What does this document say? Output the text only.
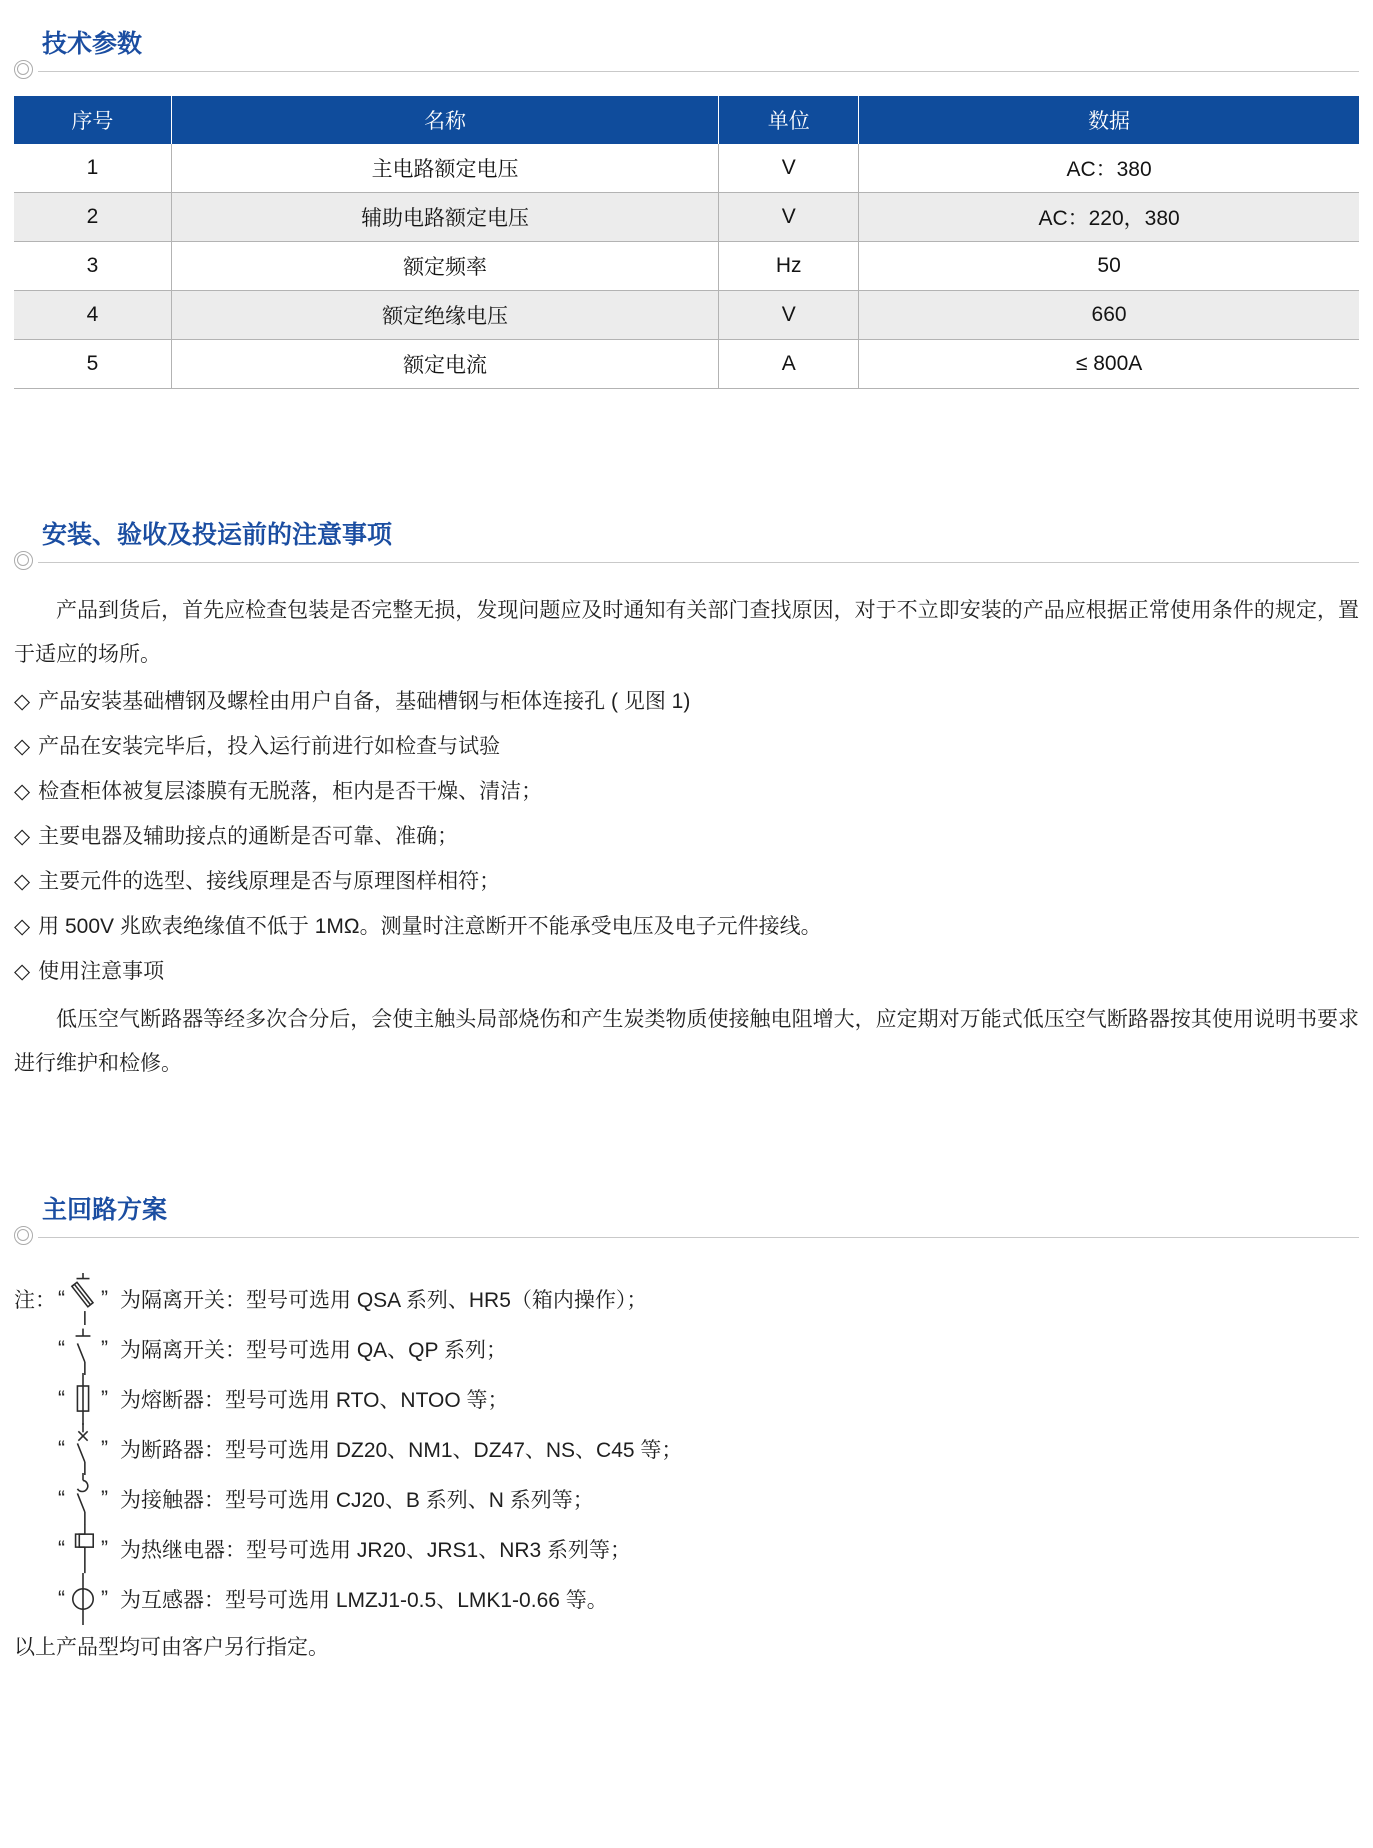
技术参数
序号	名称	单位	数据
1	主电路额定电压	V	AC：380
2	辅助电路额定电压	V	AC：220，380
3	额定频率	Hz	50
4	额定绝缘电压	V	660
5	额定电流	A	≤ 800A
安装、验收及投运前的注意事项

产品到货后，首先应检查包装是否完整无损，发现问题应及时通知有关部门查找原因，对于不立即安装的产品应根据正常使用条件的规定，置于适应的场所。

◇ 产品安装基础槽钢及螺栓由用户自备，基础槽钢与柜体连接孔 ( 见图 1)
◇ 产品在安装完毕后，投入运行前进行如检查与试验
◇ 检查柜体被复层漆膜有无脱落，柜内是否干燥、清洁；
◇ 主要电器及辅助接点的通断是否可靠、准确；
◇ 主要元件的选型、接线原理是否与原理图样相符；
◇ 用 500V 兆欧表绝缘值不低于 1MΩ。测量时注意断开不能承受电压及电子元件接线。
◇ 使用注意事项

低压空气断路器等经多次合分后，会使主触头局部烧伤和产生炭类物质使接触电阻增大，应定期对万能式低压空气断路器按其使用说明书要求进行维护和检修。

主回路方案
注： “ ” 为隔离开关：型号可选用 QSA 系列、HR5（箱内操作）；
“ ” 为隔离开关：型号可选用 QA、QP 系列；
“ ” 为熔断器：型号可选用 RTO、NTOO 等；
“ ” 为断路器：型号可选用 DZ20、NM1、DZ47、NS、C45 等；
“ ” 为接触器：型号可选用 CJ20、B 系列、N 系列等；
“ ” 为热继电器：型号可选用 JR20、JRS1、NR3 系列等；
“ ” 为互感器：型号可选用 LMZJ1-0.5、LMK1-0.66 等。

以上产品型均可由客户另行指定。
